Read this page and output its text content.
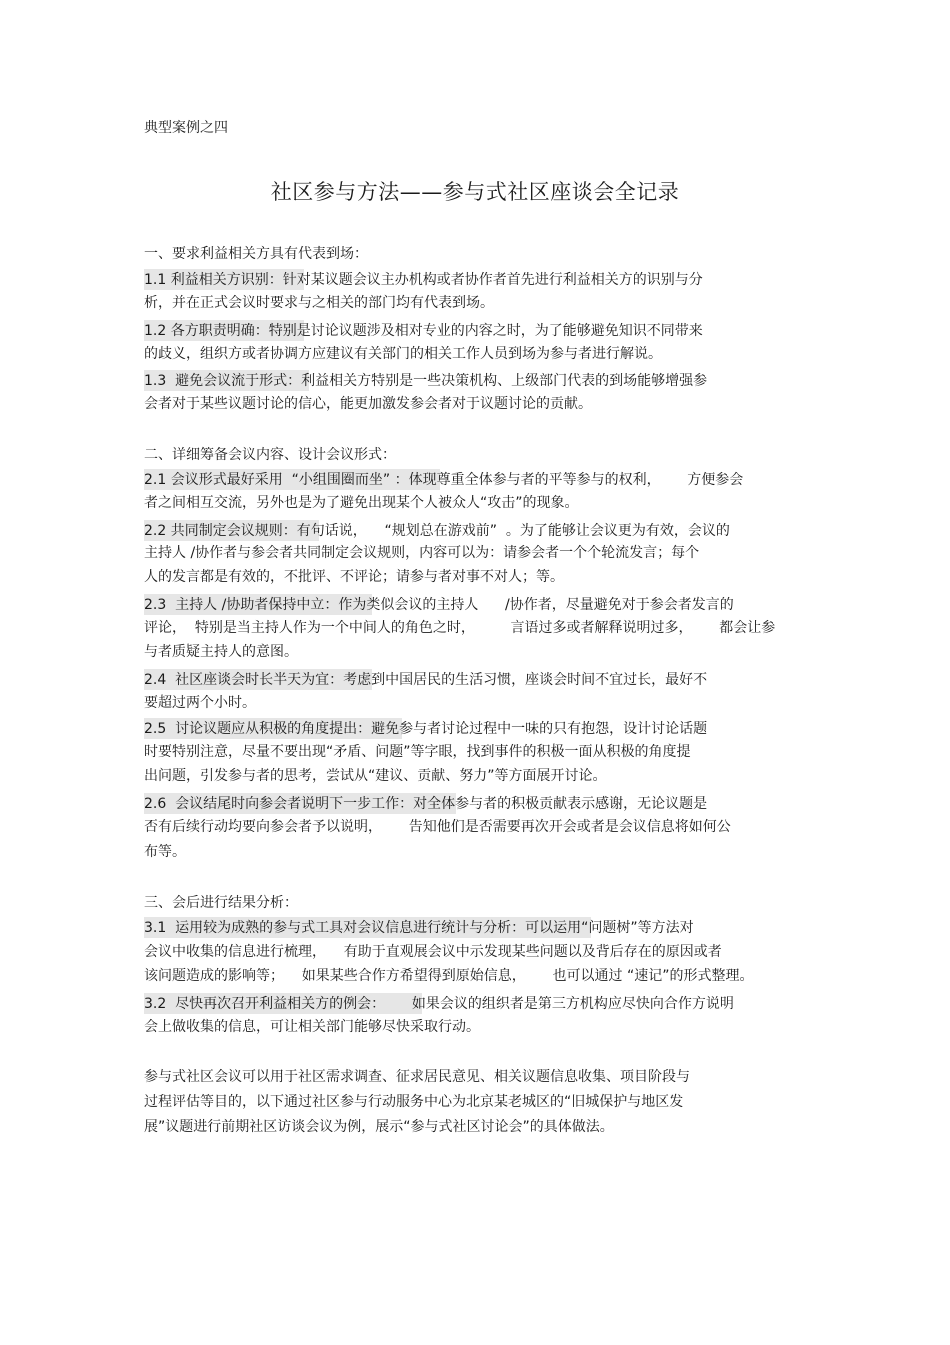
典型案例之四
社区参与方法——参与式社区座谈会全记录
一、要求利益相关方具有代表到场：
1.1 利益相关方识别：针对某议题会议主办机构或者协作者首先进行利益相关方的识别与分
析，并在正式会议时要求与之相关的部门均有代表到场。
1.2 各方职责明确：特别是讨论议题涉及相对专业的内容之时，为了能够避免知识不同带来
的歧义，组织方或者协调方应建议有关部门的相关工作人员到场为参与者进行解说。
1.3  避免会议流于形式：利益相关方特别是一些决策机构、上级部门代表的到场能够增强参
会者对于某些议题讨论的信心，能更加激发参会者对于议题讨论的贡献。
二、详细筹备会议内容、设计会议形式：
2.1 会议形式最好采用  “小组围圈而坐” ：体现尊重全体参与者的平等参与的权利，      方便参会
者之间相互交流，另外也是为了避免出现某个人被众人“攻击”的现象。
2.2 共同制定会议规则：有句话说，    “规划总在游戏前”  。为了能够让会议更为有效，会议的
主持人 /协作者与参会者共同制定会议规则，内容可以为：请参会者一个个轮流发言；每个
人的发言都是有效的，不批评、不评论；请参与者对事不对人；等。
2.3  主持人 /协助者保持中立：作为类似会议的主持人      /协作者，尽量避免对于参会者发言的
评论，  特别是当主持人作为一个中间人的角色之时，        言语过多或者解释说明过多，      都会让参
与者质疑主持人的意图。
2.4  社区座谈会时长半天为宜：考虑到中国居民的生活习惯，座谈会时间不宜过长，最好不
要超过两个小时。
2.5  讨论议题应从积极的角度提出：避免参与者讨论过程中一味的只有抱怨，设计讨论话题
时要特别注意，尽量不要出现“矛盾、问题”等字眼，找到事件的积极一面从积极的角度提
出问题，引发参与者的思考，尝试从“建议、贡献、努力”等方面展开讨论。
2.6  会议结尾时向参会者说明下一步工作：对全体参与者的积极贡献表示感谢，无论议题是
否有后续行动均要向参会者予以说明，      告知他们是否需要再次开会或者是会议信息将如何公
布等。
三、会后进行结果分析：
3.1  运用较为成熟的参与式工具对会议信息进行统计与分析：可以运用“问题树”等方法对
会议中收集的信息进行梳理，    有助于直观展会议中示发现某些问题以及背后存在的原因或者
该问题造成的影响等；    如果某些合作方希望得到原始信息，      也可以通过 “速记”的形式整理。
3.2  尽快再次召开利益相关方的例会：      如果会议的组织者是第三方机构应尽快向合作方说明
会上做收集的信息，可让相关部门能够尽快采取行动。
参与式社区会议可以用于社区需求调查、征求居民意见、相关议题信息收集、项目阶段与
过程评估等目的，以下通过社区参与行动服务中心为北京某老城区的“旧城保护与地区发
展”议题进行前期社区访谈会议为例，展示“参与式社区讨论会”的具体做法。
